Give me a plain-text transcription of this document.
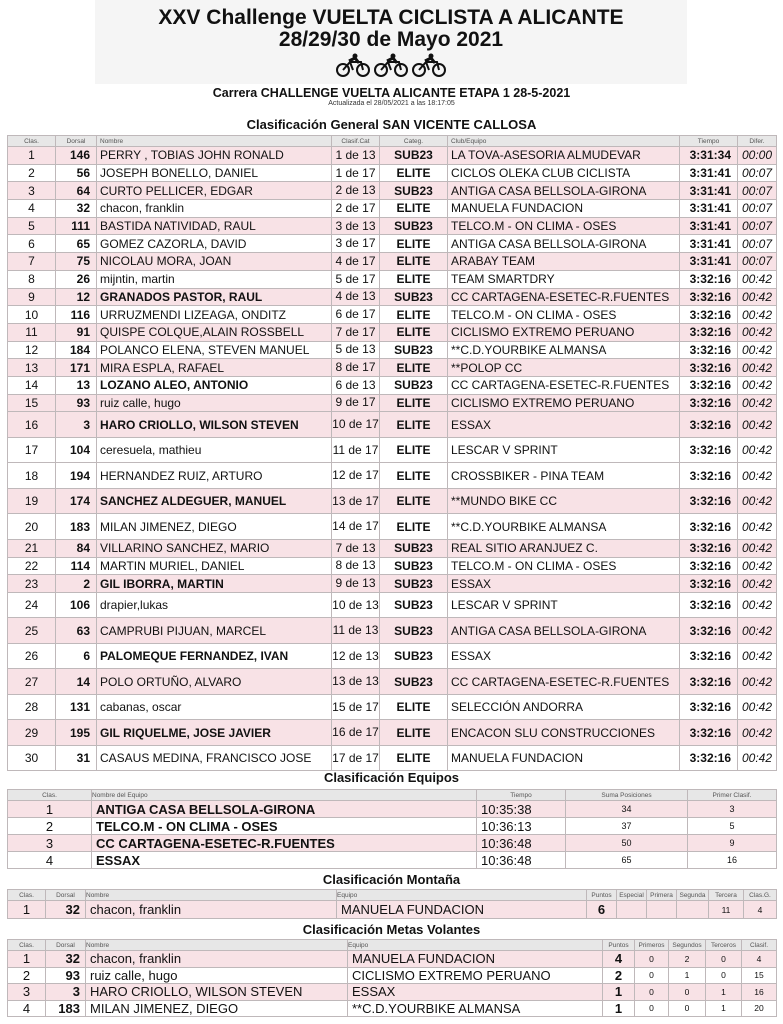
XXV Challenge VUELTA CICLISTA A ALICANTE
28/29/30 de Mayo 2021
Carrera CHALLENGE VUELTA ALICANTE ETAPA 1 28-5-2021
Actualizada el 28/05/2021 a las 18:17:05
Clasificación General SAN VICENTE CALLOSA
Clas.	Dorsal	Nombre	Clasif.Cat	Categ.	Club/Equipo	Tiempo	Difer.
1	146	PERRY , TOBIAS JOHN RONALD	1 de 13	SUB23	LA TOVA-ASESORIA ALMUDEVAR	3:31:34	00:00
2	56	JOSEPH BONELLO, DANIEL	1 de 17	ELITE	CICLOS OLEKA CLUB CICLISTA	3:31:41	00:07
3	64	CURTO PELLICER, EDGAR	2 de 13	SUB23	ANTIGA CASA BELLSOLA-GIRONA	3:31:41	00:07
4	32	chacon, franklin	2 de 17	ELITE	MANUELA FUNDACION	3:31:41	00:07
5	111	BASTIDA NATIVIDAD, RAUL	3 de 13	SUB23	TELCO.M - ON CLIMA - OSES	3:31:41	00:07
6	65	GOMEZ CAZORLA, DAVID	3 de 17	ELITE	ANTIGA CASA BELLSOLA-GIRONA	3:31:41	00:07
7	75	NICOLAU MORA, JOAN	4 de 17	ELITE	ARABAY TEAM	3:31:41	00:07
8	26	mijntin, martin	5 de 17	ELITE	TEAM SMARTDRY	3:32:16	00:42
9	12	GRANADOS PASTOR, RAUL	4 de 13	SUB23	CC CARTAGENA-ESETEC-R.FUENTES	3:32:16	00:42
10	116	URRUZMENDI LIZEAGA, ONDITZ	6 de 17	ELITE	TELCO.M - ON CLIMA - OSES	3:32:16	00:42
11	91	QUISPE COLQUE,ALAIN ROSSBELL	7 de 17	ELITE	CICLISMO EXTREMO PERUANO	3:32:16	00:42
12	184	POLANCO ELENA, STEVEN MANUEL	5 de 13	SUB23	**C.D.YOURBIKE ALMANSA	3:32:16	00:42
13	171	MIRA ESPLA, RAFAEL	8 de 17	ELITE	**POLOP CC	3:32:16	00:42
14	13	LOZANO ALEO, ANTONIO	6 de 13	SUB23	CC CARTAGENA-ESETEC-R.FUENTES	3:32:16	00:42
15	93	ruiz calle, hugo	9 de 17	ELITE	CICLISMO EXTREMO PERUANO	3:32:16	00:42
16	3	HARO CRIOLLO, WILSON STEVEN	10 de 17	ELITE	ESSAX	3:32:16	00:42
17	104	ceresuela, mathieu	11 de 17	ELITE	LESCAR V SPRINT	3:32:16	00:42
18	194	HERNANDEZ RUIZ, ARTURO	12 de 17	ELITE	CROSSBIKER - PINA TEAM	3:32:16	00:42
19	174	SANCHEZ ALDEGUER, MANUEL	13 de 17	ELITE	**MUNDO BIKE CC	3:32:16	00:42
20	183	MILAN JIMENEZ, DIEGO	14 de 17	ELITE	**C.D.YOURBIKE ALMANSA	3:32:16	00:42
21	84	VILLARINO SANCHEZ, MARIO	7 de 13	SUB23	REAL SITIO ARANJUEZ C.	3:32:16	00:42
22	114	MARTIN MURIEL, DANIEL	8 de 13	SUB23	TELCO.M - ON CLIMA - OSES	3:32:16	00:42
23	2	GIL IBORRA, MARTIN	9 de 13	SUB23	ESSAX	3:32:16	00:42
24	106	drapier,lukas	10 de 13	SUB23	LESCAR V SPRINT	3:32:16	00:42
25	63	CAMPRUBI PIJUAN, MARCEL	11 de 13	SUB23	ANTIGA CASA BELLSOLA-GIRONA	3:32:16	00:42
26	6	PALOMEQUE FERNANDEZ, IVAN	12 de 13	SUB23	ESSAX	3:32:16	00:42
27	14	POLO ORTUÑO, ALVARO	13 de 13	SUB23	CC CARTAGENA-ESETEC-R.FUENTES	3:32:16	00:42
28	131	cabanas, oscar	15 de 17	ELITE	SELECCIÓN ANDORRA	3:32:16	00:42
29	195	GIL RIQUELME, JOSE JAVIER	16 de 17	ELITE	ENCACON SLU CONSTRUCCIONES	3:32:16	00:42
30	31	CASAUS MEDINA, FRANCISCO JOSE	17 de 17	ELITE	MANUELA FUNDACION	3:32:16	00:42
Clasificación Equipos
Clas.	Nombre del Equipo	Tiempo	Suma Posiciones	Primer Clasif.
1	ANTIGA CASA BELLSOLA-GIRONA	10:35:38	34	3
2	TELCO.M - ON CLIMA - OSES	10:36:13	37	5
3	CC CARTAGENA-ESETEC-R.FUENTES	10:36:48	50	9
4	ESSAX	10:36:48	65	16
Clasificación Montaña
Clas.	Dorsal	Nombre	Equipo	Puntos	Especial	Primera	Segunda	Tercera	Clas.G.
1	32	chacon, franklin	MANUELA FUNDACION	6				11	4
Clasificación Metas Volantes
Clas.	Dorsal	Nombre	Equipo	Puntos	Primeros	Segundos	Terceros	Clasif.
1	32	chacon, franklin	MANUELA FUNDACION	4	0	2	0	4
2	93	ruiz calle, hugo	CICLISMO EXTREMO PERUANO	2	0	1	0	15
3	3	HARO CRIOLLO, WILSON STEVEN	ESSAX	1	0	0	1	16
4	183	MILAN JIMENEZ, DIEGO	**C.D.YOURBIKE ALMANSA	1	0	0	1	20
